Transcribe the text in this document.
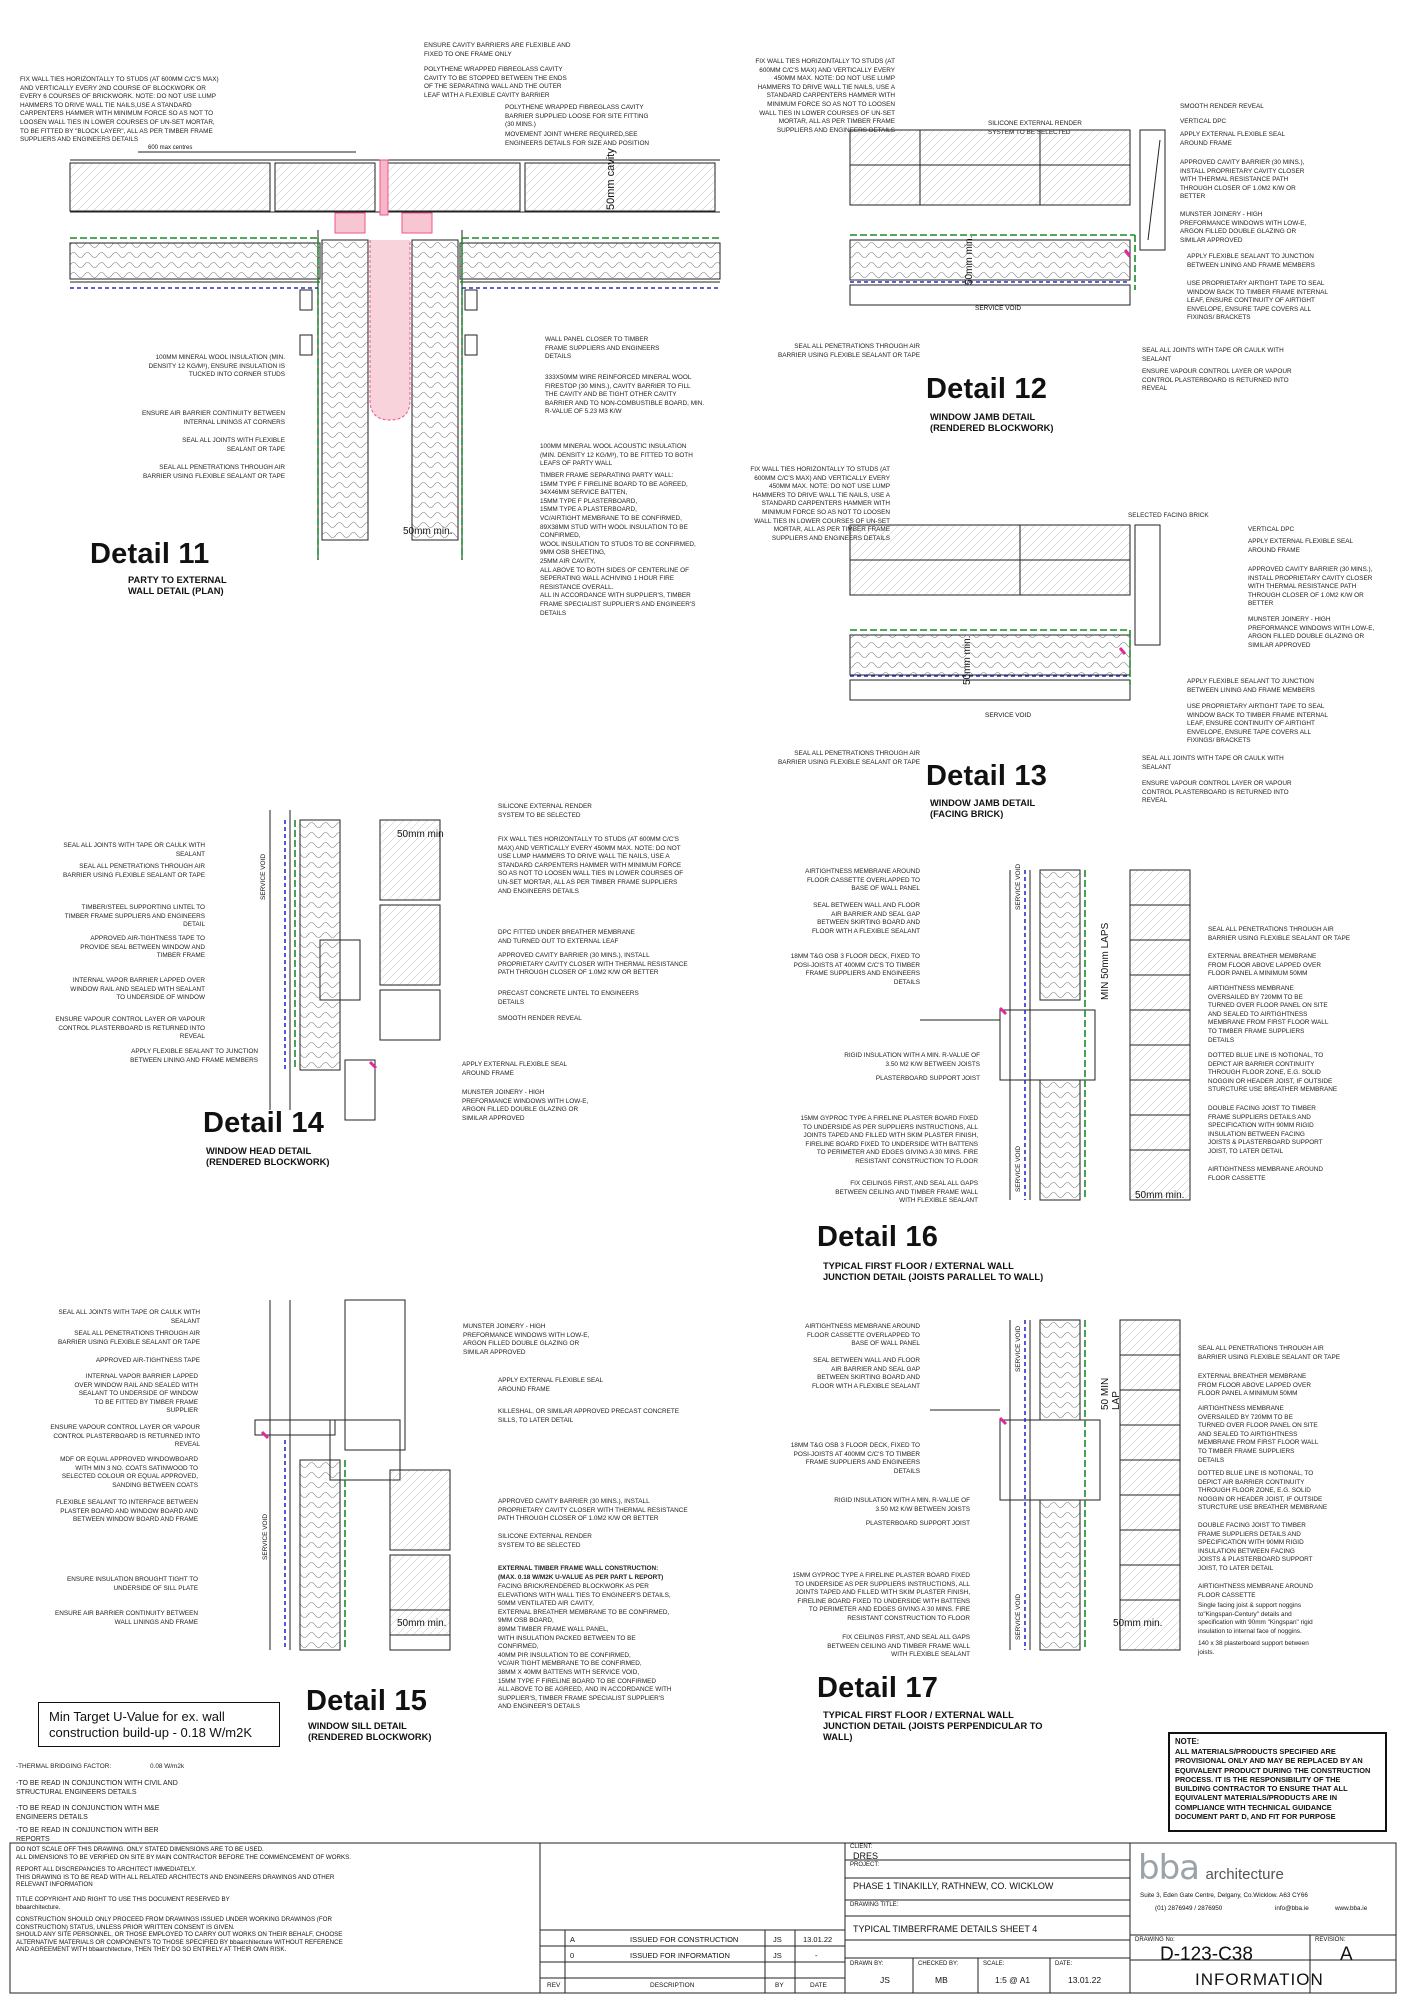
FIX WALL TIES HORIZONTALLY TO STUDS (AT 600MM C/C'S MAX)
AND VERTICALLY EVERY 2ND COURSE OF BLOCKWORK OR
EVERY 6 COURSES OF BRICKWORK. NOTE: DO NOT USE LUMP
HAMMERS TO DRIVE WALL TIE NAILS,USE A STANDARD
CARPENTERS HAMMER WITH MINIMUM FORCE SO AS NOT TO
LOOSEN WALL TIES IN LOWER COURSES OF UN-SET MORTAR,
TO BE FITTED BY "BLOCK LAYER", ALL AS PER TIMBER FRAME
SUPPLIERS AND ENGINEERS DETAILS
ENSURE CAVITY BARRIERS ARE FLEXIBLE AND
FIXED TO ONE FRAME ONLY
POLYTHENE WRAPPED FIBREGLASS CAVITY
CAVITY TO BE STOPPED BETWEEN THE ENDS
OF THE SEPARATING WALL AND THE OUTER
LEAF WITH A FLEXIBLE CAVITY BARRIER
POLYTHENE WRAPPED FIBREGLASS CAVITY
BARRIER SUPPLIED LOOSE FOR SITE FITTING
(30 MINS.)
MOVEMENT JOINT WHERE REQUIRED,SEE
ENGINEERS DETAILS FOR SIZE AND POSITION
600 max centres
50mm cavity
100MM MINERAL WOOL INSULATION (MIN.
DENSITY 12 KG/M³), ENSURE INSULATION IS
TUCKED INTO CORNER STUDS
ENSURE AIR BARRIER CONTINUITY BETWEEN
INTERNAL LININGS AT CORNERS
SEAL ALL JOINTS WITH FLEXIBLE
SEALANT OR TAPE
SEAL ALL PENETRATIONS THROUGH AIR
BARRIER USING FLEXIBLE SEALANT OR TAPE
WALL PANEL CLOSER TO TIMBER
FRAME SUPPLIERS AND ENGINEERS
DETAILS
333X50MM WIRE REINFORCED MINERAL WOOL
FIRESTOP (30 MINS.), CAVITY BARRIER TO FILL
THE CAVITY AND BE TIGHT OTHER CAVITY
BARRIER AND TO NON-COMBUSTIBLE BOARD, MIN.
R-VALUE OF 5.23 M3 K/W
100MM MINERAL WOOL ACOUSTIC INSULATION
(MIN. DENSITY 12 KG/M³), TO BE FITTED TO BOTH
LEAFS OF PARTY WALL
TIMBER FRAME SEPARATING PARTY WALL:
15MM TYPE F FIRELINE BOARD TO BE AGREED,
34X46MM SERVICE BATTEN,
15MM TYPE F PLASTERBOARD,
15MM TYPE A PLASTERBOARD,
VC/AIRTIGHT MEMBRANE TO BE CONFIRMED,
89X38MM STUD WITH WOOL INSULATION TO BE
CONFIRMED,
WOOL INSULATION TO STUDS TO BE CONFIRMED,
9MM OSB SHEETING,
25MM AIR CAVITY,
ALL ABOVE TO BOTH SIDES OF CENTERLINE OF
SEPERATING WALL ACHIVING 1 HOUR FIRE
RESISTANCE OVERALL.
ALL IN ACCORDANCE WITH SUPPLIER'S, TIMBER
FRAME SPECIALIST SUPPLIER'S AND ENGINEER'S
DETAILS
50mm min.
Detail 11
PARTY TO EXTERNAL
WALL DETAIL (PLAN)
FIX WALL TIES HORIZONTALLY TO STUDS (AT
600MM C/C'S MAX) AND VERTICALLY EVERY
450MM MAX. NOTE: DO NOT USE LUMP
HAMMERS TO DRIVE WALL TIE NAILS, USE A
STANDARD CARPENTERS HAMMER WITH
MINIMUM FORCE SO AS NOT TO LOOSEN
WALL TIES IN LOWER COURSES OF UN-SET
MORTAR, ALL AS PER TIMBER FRAME
SUPPLIERS AND ENGINEERS DETAILS
SILICONE EXTERNAL RENDER
SYSTEM TO BE SELECTED
SMOOTH RENDER REVEAL
VERTICAL DPC
APPLY EXTERNAL FLEXIBLE SEAL
AROUND FRAME
APPROVED CAVITY BARRIER (30 MINS.),
INSTALL PROPRIETARY CAVITY CLOSER
WITH THERMAL RESISTANCE PATH
THROUGH CLOSER OF 1.0M2 K/W OR
BETTER
MUNSTER JOINERY - HIGH
PREFORMANCE WINDOWS WITH LOW-E,
ARGON FILLED DOUBLE GLAZING OR
SIMILAR APPROVED
APPLY FLEXIBLE SEALANT TO JUNCTION
BETWEEN LINING AND FRAME MEMBERS
USE PROPRIETARY AIRTIGHT TAPE TO SEAL
WINDOW BACK TO TIMBER FRAME INTERNAL
LEAF, ENSURE CONTINUITY OF AIRTIGHT
ENVELOPE, ENSURE TAPE COVERS ALL
FIXINGS/ BRACKETS
50mm min.
SERVICE VOID
SEAL ALL PENETRATIONS THROUGH AIR
BARRIER USING FLEXIBLE SEALANT OR TAPE
SEAL ALL JOINTS WITH TAPE OR CAULK WITH
SEALANT
ENSURE VAPOUR CONTROL LAYER OR VAPOUR
CONTROL PLASTERBOARD IS RETURNED INTO
REVEAL
Detail 12
WINDOW JAMB DETAIL
(RENDERED BLOCKWORK)
FIX WALL TIES HORIZONTALLY TO STUDS (AT
600MM C/C'S MAX) AND VERTICALLY EVERY
450MM MAX. NOTE: DO NOT USE LUMP
HAMMERS TO DRIVE WALL TIE NAILS, USE A
STANDARD CARPENTERS HAMMER WITH
MINIMUM FORCE SO AS NOT TO LOOSEN
WALL TIES IN LOWER COURSES OF UN-SET
MORTAR, ALL AS PER TIMBER FRAME
SUPPLIERS AND ENGINEERS DETAILS
SELECTED FACING BRICK
VERTICAL DPC
APPLY EXTERNAL FLEXIBLE SEAL
AROUND FRAME
APPROVED CAVITY BARRIER (30 MINS.),
INSTALL PROPRIETARY CAVITY CLOSER
WITH THERMAL RESISTANCE PATH
THROUGH CLOSER OF 1.0M2 K/W OR
BETTER
MUNSTER JOINERY - HIGH
PREFORMANCE WINDOWS WITH LOW-E,
ARGON FILLED DOUBLE GLAZING OR
SIMILAR APPROVED
APPLY FLEXIBLE SEALANT TO JUNCTION
BETWEEN LINING AND FRAME MEMBERS
USE PROPRIETARY AIRTIGHT TAPE TO SEAL
WINDOW BACK TO TIMBER FRAME INTERNAL
LEAF, ENSURE CONTINUITY OF AIRTIGHT
ENVELOPE, ENSURE TAPE COVERS ALL
FIXINGS/ BRACKETS
50mm min.
SERVICE VOID
SEAL ALL PENETRATIONS THROUGH AIR
BARRIER USING FLEXIBLE SEALANT OR TAPE
SEAL ALL JOINTS WITH TAPE OR CAULK WITH
SEALANT
ENSURE VAPOUR CONTROL LAYER OR VAPOUR
CONTROL PLASTERBOARD IS RETURNED INTO
REVEAL
Detail 13
WINDOW JAMB DETAIL
(FACING BRICK)
SILICONE EXTERNAL RENDER
SYSTEM TO BE SELECTED
50mm min	FIX WALL TIES HORIZONTALLY TO STUDS (AT 600MM C/C'S
MAX) AND VERTICALLY EVERY 450MM MAX. NOTE: DO NOT
USE LUMP HAMMERS TO DRIVE WALL TIE NAILS, USE A
STANDARD CARPENTERS HAMMER WITH MINIMUM FORCE
SO AS NOT TO LOOSEN WALL TIES IN LOWER COURSES OF
UN-SET MORTAR, ALL AS PER TIMBER FRAME SUPPLIERS
AND ENGINEERS DETAILS
SEAL ALL JOINTS WITH TAPE OR CAULK WITH
SEALANT
SEAL ALL PENETRATIONS THROUGH AIR
BARRIER USING FLEXIBLE SEALANT OR TAPE	SERVICE VOID
TIMBER/STEEL SUPPORTING LINTEL TO
TIMBER FRAME SUPPLIERS AND ENGINEERS
DETAIL
APPROVED AIR-TIGHTNESS TAPE TO
PROVIDE SEAL BETWEEN WINDOW AND
TIMBER FRAME
DPC FITTED UNDER BREATHER MEMBRANE
AND TURNED OUT TO EXTERNAL LEAF
APPROVED CAVITY BARRIER (30 MINS.), INSTALL
PROPRIETARY CAVITY CLOSER WITH THERMAL RESISTANCE
PATH THROUGH CLOSER OF 1.0M2 K/W OR BETTER
INTERNAL VAPOR BARRIER LAPPED OVER
WINDOW RAIL AND SEALED WITH SEALANT
TO UNDERSIDE OF WINDOW
PRECAST CONCRETE LINTEL TO ENGINEERS
DETAILS
SMOOTH RENDER REVEAL
ENSURE VAPOUR CONTROL LAYER OR VAPOUR
CONTROL PLASTERBOARD IS RETURNED INTO
REVEAL
APPLY FLEXIBLE SEALANT TO JUNCTION
BETWEEN LINING AND FRAME MEMBERS
APPLY EXTERNAL FLEXIBLE SEAL
AROUND FRAME
MUNSTER JOINERY - HIGH
PREFORMANCE WINDOWS WITH LOW-E,
ARGON FILLED DOUBLE GLAZING OR
SIMILAR APPROVED
Detail 14
WINDOW HEAD DETAIL
(RENDERED BLOCKWORK)
SEAL ALL JOINTS WITH TAPE OR CAULK WITH
SEALANT
SEAL ALL PENETRATIONS THROUGH AIR
BARRIER USING FLEXIBLE SEALANT OR TAPE
APPROVED AIR-TIGHTNESS TAPE
INTERNAL VAPOR BARRIER LAPPED
OVER WINDOW RAIL AND SEALED WITH
SEALANT TO UNDERSIDE OF WINDOW
TO BE FITTED BY TIMBER FRAME
SUPPLIER
ENSURE VAPOUR CONTROL LAYER OR VAPOUR
CONTROL PLASTERBOARD IS RETURNED INTO
REVEAL
MDF OR EQUAL APPROVED WINDOWBOARD
WITH MIN 3 NO. COATS SATINWOOD TO
SELECTED COLOUR OR EQUAL APPROVED,
SANDING BETWEEN COATS
FLEXIBLE SEALANT TO INTERFACE BETWEEN
PLASTER BOARD AND WINDOW BOARD AND
BETWEEN WINDOW BOARD AND FRAME
ENSURE INSULATION BROUGHT TIGHT TO
UNDERSIDE OF SILL PLATE
ENSURE AIR BARRIER CONTINUITY BETWEEN
WALL LININGS AND FRAME
SERVICE VOID
MUNSTER JOINERY - HIGH
PREFORMANCE WINDOWS WITH LOW-E,
ARGON FILLED DOUBLE GLAZING OR
SIMILAR APPROVED
APPLY EXTERNAL FLEXIBLE SEAL
AROUND FRAME
KILLESHAL, OR SIMILAR APPROVED PRECAST CONCRETE
SILLS, TO LATER DETAIL
APPROVED CAVITY BARRIER (30 MINS.), INSTALL
PROPRIETARY CAVITY CLOSER WITH THERMAL RESISTANCE
PATH THROUGH CLOSER OF 1.0M2 K/W OR BETTER
SILICONE EXTERNAL RENDER
SYSTEM TO BE SELECTED
EXTERNAL TIMBER FRAME WALL CONSTRUCTION:
(MAX. 0.18 W/M2K U-VALUE AS PER PART L REPORT)
FACING BRICK/RENDERED BLOCKWORK AS PER
ELEVATIONS WITH WALL TIES TO ENGINEER'S DETAILS,
50MM VENTILATED AIR CAVITY,
EXTERNAL BREATHER MEMBRANE TO BE CONFIRMED,
9MM OSB BOARD,
89MM TIMBER FRAME WALL PANEL,
WITH INSULATION PACKED BETWEEN TO BE
CONFIRMED,
40MM PIR INSULATION TO BE CONFIRMED,
VC/AIR TIGHT MEMBRANE TO BE CONFIRMED,
38MM X 40MM BATTENS WITH SERVICE VOID,
15MM TYPE F FIRELINE BOARD TO BE CONFIRMED
ALL ABOVE TO BE AGREED, AND IN ACCORDANCE WITH
SUPPLIER'S, TIMBER FRAME SPECIALIST SUPPLIER'S
AND ENGINEER'S DETAILS
50mm min.
Detail 15
WINDOW SILL DETAIL
(RENDERED BLOCKWORK)
AIRTIGHTNESS MEMBRANE AROUND
FLOOR CASSETTE OVERLAPPED TO
BASE OF WALL PANEL
SEAL BETWEEN WALL AND FLOOR
AIR BARRIER AND SEAL GAP
BETWEEN SKIRTING BOARD AND
FLOOR WITH A FLEXIBLE SEALANT
18MM T&G OSB 3 FLOOR DECK, FIXED TO
POSI-JOISTS AT 400MM C/C'S TO TIMBER
FRAME SUPPLIERS AND ENGINEERS
DETAILS
RIGID INSULATION WITH A MIN. R-VALUE OF
3.50 M2 K/W BETWEEN JOISTS
PLASTERBOARD SUPPORT JOIST
15MM GYPROC TYPE A FIRELINE PLASTER BOARD FIXED
TO UNDERSIDE AS PER SUPPLIERS INSTRUCTIONS, ALL
JOINTS TAPED AND FILLED WITH SKIM PLASTER FINISH,
FIRELINE BOARD FIXED TO UNDERSIDE WITH BATTENS
TO PERIMETER AND EDGES GIVING A 30 MINS. FIRE
RESISTANT CONSTRUCTION TO FLOOR
FIX CEILINGS FIRST, AND SEAL ALL GAPS
BETWEEN CEILING AND TIMBER FRAME WALL
WITH FLEXIBLE SEALANT
SERVICE VOID
SERVICE VOID
MIN 50mm LAPS	SEAL ALL PENETRATIONS THROUGH AIR
BARRIER USING FLEXIBLE SEALANT OR TAPE
EXTERNAL BREATHER MEMBRANE
FROM FLOOR ABOVE LAPPED OVER
FLOOR PANEL A MINIMUM 50MM
AIRTIGHTNESS MEMBRANE
OVERSAILED BY 720MM TO BE
TURNED OVER FLOOR PANEL ON SITE
AND SEALED TO AIRTIGHTNESS
MEMBRANE FROM FIRST FLOOR WALL
TO TIMBER FRAME SUPPLIERS
DETAILS
DOTTED BLUE LINE IS NOTIONAL, TO
DEPICT AIR BARRIER CONTINUITY
THROUGH FLOOR ZONE, E.G. SOLID
NOGGIN OR HEADER JOIST, IF OUTSIDE
STURCTURE USE BREATHER MEMBRANE
DOUBLE FACING JOIST TO TIMBER
FRAME SUPPLIERS DETAILS AND
SPECIFICATION WITH 90MM RIGID
INSULATION BETWEEN FACING
JOISTS & PLASTERBOARD SUPPORT
JOIST, TO LATER DETAIL
AIRTIGHTNESS MEMBRANE AROUND
FLOOR CASSETTE
50mm min.
Detail 16
TYPICAL FIRST FLOOR / EXTERNAL WALL
JUNCTION DETAIL (JOISTS PARALLEL TO WALL)
AIRTIGHTNESS MEMBRANE AROUND
FLOOR CASSETTE OVERLAPPED TO
BASE OF WALL PANEL
SEAL BETWEEN WALL AND FLOOR
AIR BARRIER AND SEAL GAP
BETWEEN SKIRTING BOARD AND
FLOOR WITH A FLEXIBLE SEALANT
18MM T&G OSB 3 FLOOR DECK, FIXED TO
POSI-JOISTS AT 400MM C/C'S TO TIMBER
FRAME SUPPLIERS AND ENGINEERS
DETAILS
RIGID INSULATION WITH A MIN. R-VALUE OF
3.50 M2 K/W BETWEEN JOISTS
PLASTERBOARD SUPPORT JOIST
15MM GYPROC TYPE A FIRELINE PLASTER BOARD FIXED
TO UNDERSIDE AS PER SUPPLIERS INSTRUCTIONS, ALL
JOINTS TAPED AND FILLED WITH SKIM PLASTER FINISH,
FIRELINE BOARD FIXED TO UNDERSIDE WITH BATTENS
TO PERIMETER AND EDGES GIVING A 30 MINS. FIRE
RESISTANT CONSTRUCTION TO FLOOR
FIX CEILINGS FIRST, AND SEAL ALL GAPS
BETWEEN CEILING AND TIMBER FRAME WALL
WITH FLEXIBLE SEALANT
SERVICE VOID
SERVICE VOID
50 MIN
LAP
SEAL ALL PENETRATIONS THROUGH AIR
BARRIER USING FLEXIBLE SEALANT OR TAPE
EXTERNAL BREATHER MEMBRANE
FROM FLOOR ABOVE LAPPED OVER
FLOOR PANEL A MINIMUM 50MM
AIRTIGHTNESS MEMBRANE
OVERSAILED BY 720MM TO BE
TURNED OVER FLOOR PANEL ON SITE
AND SEALED TO AIRTIGHTNESS
MEMBRANE FROM FIRST FLOOR WALL
TO TIMBER FRAME SUPPLIERS
DETAILS
DOTTED BLUE LINE IS NOTIONAL, TO
DEPICT AIR BARRIER CONTINUITY
THROUGH FLOOR ZONE, E.G. SOLID
NOGGIN OR HEADER JOIST, IF OUTSIDE
STURCTURE USE BREATHER MEMBRANE
DOUBLE FACING JOIST TO TIMBER
FRAME SUPPLIERS DETAILS AND
SPECIFICATION WITH 90MM RIGID
INSULATION BETWEEN FACING
JOISTS & PLASTERBOARD SUPPORT
JOIST, TO LATER DETAIL
AIRTIGHTNESS MEMBRANE AROUND
FLOOR CASSETTE
Single facing joist & support noggins
to"Kingspan-Century" details and
specification with 90mm "Kingspan" rigid
insulation to internal face of noggins.
140 x 38 plasterboard support between
joists.
50mm min.
Detail 17
TYPICAL FIRST FLOOR / EXTERNAL WALL
JUNCTION DETAIL (JOISTS PERPENDICULAR TO
WALL)
Min Target U-Value for ex. wall
construction build-up - 0.18 W/m2K
-THERMAL BRIDGING FACTOR:	0.08 W/m2k
-TO BE READ IN CONJUNCTION WITH CIVIL AND
STRUCTURAL ENGINEERS DETAILS
-TO BE READ IN CONJUNCTION WITH M&E
ENGINEERS DETAILS
-TO BE READ IN CONJUNCTION WITH BER
REPORTS
NOTE:
ALL MATERIALS/PRODUCTS SPECIFIED ARE
PROVISIONAL ONLY AND MAY BE REPLACED BY AN
EQUIVALENT PRODUCT DURING THE CONSTRUCTION
PROCESS. IT IS THE RESPONSIBILITY OF THE
BUILDING CONTRACTOR TO ENSURE THAT ALL
EQUIVALENT MATERIALS/PRODUCTS ARE IN
COMPLIANCE WITH TECHNICAL GUIDANCE
DOCUMENT PART D, AND FIT FOR PURPOSE
DO NOT SCALE OFF THIS DRAWING. ONLY STATED DIMENSIONS ARE TO BE USED.
ALL DIMENSIONS TO BE VERIFIED ON SITE BY MAIN CONTRACTOR BEFORE THE COMMENCEMENT OF WORKS.
REPORT ALL DISCREPANCIES TO ARCHITECT IMMEDIATELY.
THIS DRAWING IS TO BE READ WITH ALL RELATED ARCHITECTS AND ENGINEERS DRAWINGS AND OTHER
RELEVANT INFORMATION
TITLE COPYRIGHT AND RIGHT TO USE THIS DOCUMENT RESERVED BY
bbaarchitecture.
CONSTRUCTION SHOULD ONLY PROCEED FROM DRAWINGS ISSUED UNDER WORKING DRAWINGS (FOR
CONSTRUCTION) STATUS, UNLESS PRIOR WRITTEN CONSENT IS GIVEN.
SHOULD ANY SITE PERSONNEL, OR THOSE EMPLOYED TO CARRY OUT WORKS ON THEIR BEHALF, CHOOSE
ALTERNATIVE MATERIALS OR COMPONENTS TO THOSE SPECIFIED BY bbaarchitecture WITHOUT REFERENCE
AND AGREEMENT WITH bbaarchitecture, THEN THEY DO SO ENTIRELY AT THEIR OWN RISK.
A	ISSUED FOR CONSTRUCTION	JS	13.01.22
0	ISSUED FOR INFORMATION	JS	-
REV	DESCRIPTION	BY	DATE
CLIENT:
DRES
PROJECT:
PHASE 1 TINAKILLY, RATHNEW, CO. WICKLOW
DRAWING TITLE:
TYPICAL TIMBERFRAME DETAILS SHEET 4
DRAWN BY:
JS
CHECKED BY:
MB
SCALE:
1:5 @ A1
DATE:
13.01.22
bba architecture
Suite 3, Eden Gate Centre, Delgany, Co.Wicklow. A63 CY66
(01) 2876949 / 2876950	info@bba.ie	www.bba.ie
DRAWING No:
D-123-C38
REVISION:
A
INFORMATION
